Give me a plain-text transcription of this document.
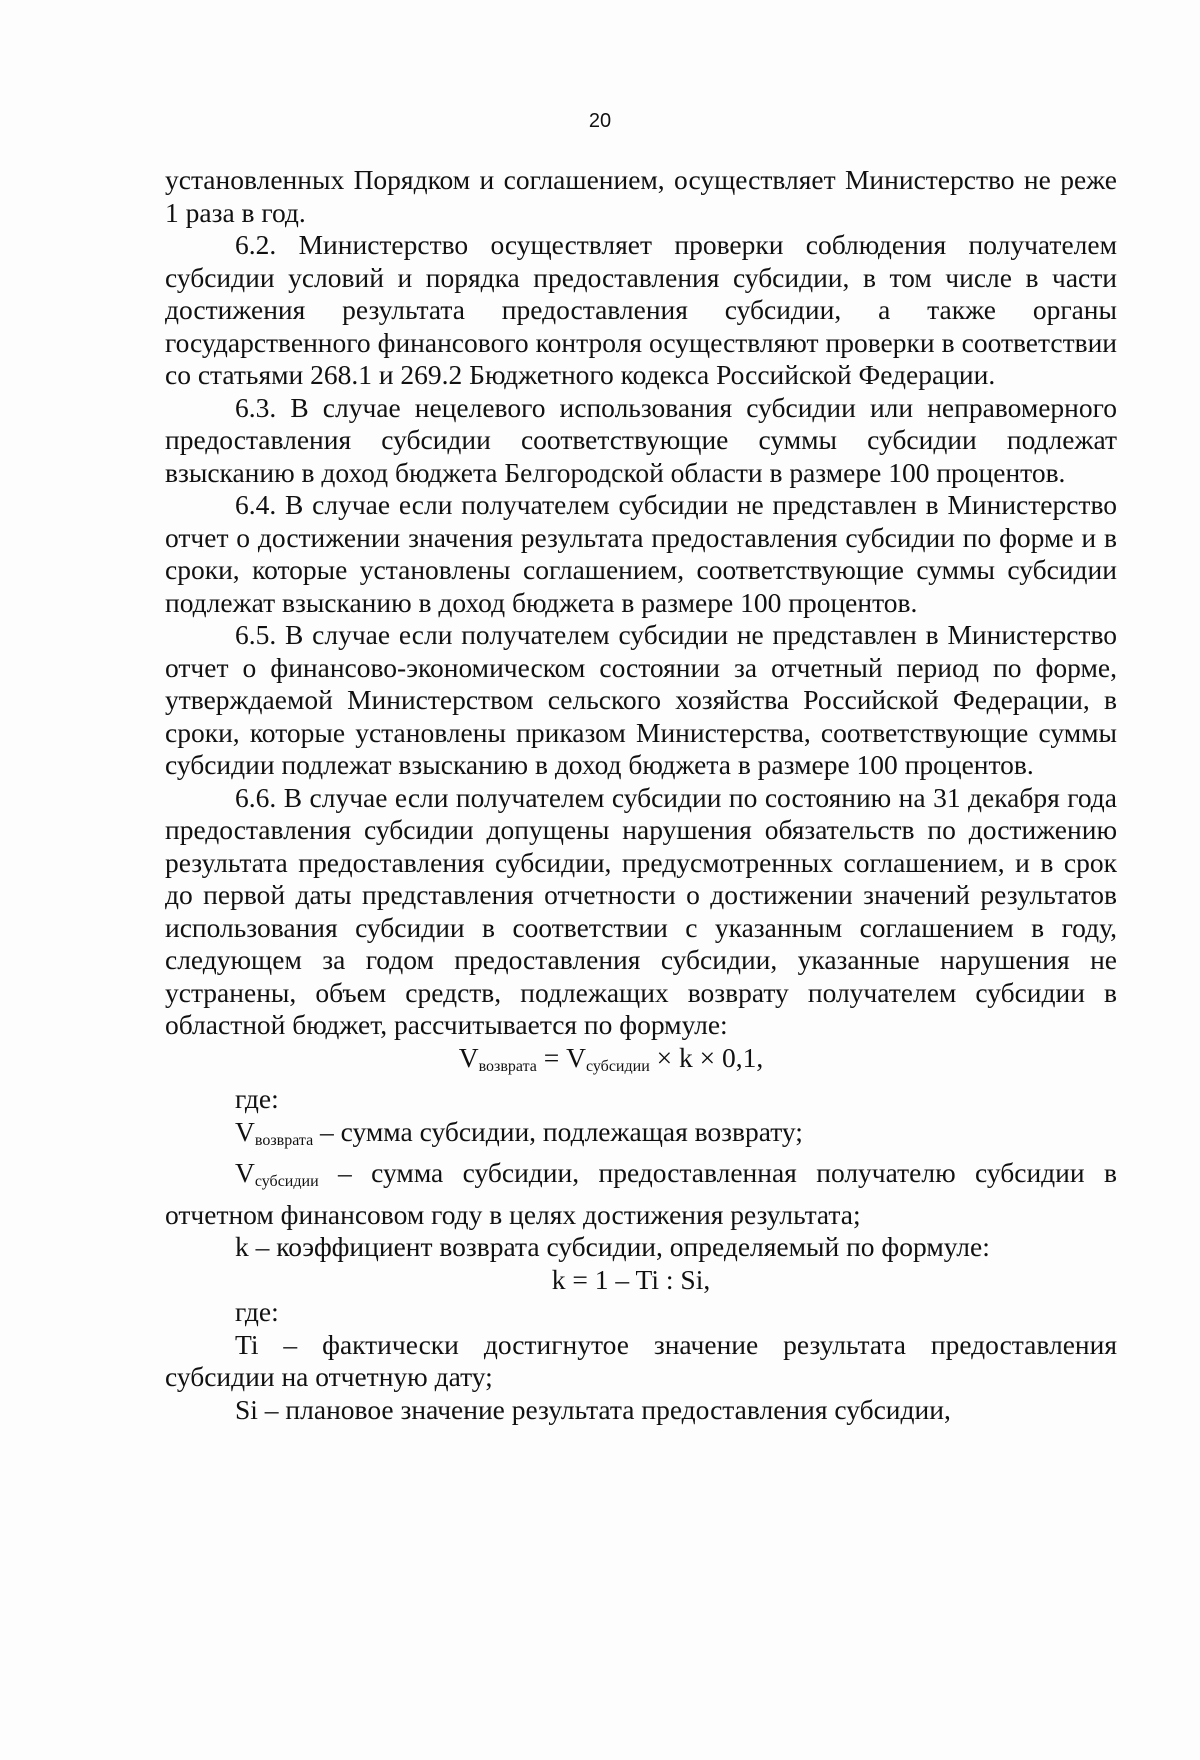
20

установленных Порядком и соглашением, осуществляет Министерство не реже 1 раза в год.

6.2. Министерство осуществляет проверки соблюдения получателем субсидии условий и порядка предоставления субсидии, в том числе в части достижения результата предоставления субсидии, а также органы государственного финансового контроля осуществляют проверки в соответствии со статьями 268.1 и 269.2 Бюджетного кодекса Российской Федерации.

6.3. В случае нецелевого использования субсидии или неправомерного предоставления субсидии соответствующие суммы субсидии подлежат взысканию в доход бюджета Белгородской области в размере 100 процентов.

6.4. В случае если получателем субсидии не представлен в Министерство отчет о достижении значения результата предоставления субсидии по форме и в сроки, которые установлены соглашением, соответствующие суммы субсидии подлежат взысканию в доход бюджета в размере 100 процентов.

6.5. В случае если получателем субсидии не представлен в Министерство отчет о финансово-экономическом состоянии за отчетный период по форме, утверждаемой Министерством сельского хозяйства Российской Федерации, в сроки, которые установлены приказом Министерства, соответствующие суммы субсидии подлежат взысканию в доход бюджета в размере 100 процентов.

6.6. В случае если получателем субсидии по состоянию на 31 декабря года предоставления субсидии допущены нарушения обязательств по достижению результата предоставления субсидии, предусмотренных соглашением, и в срок до первой даты представления отчетности о достижении значений результатов использования субсидии в соответствии с указанным соглашением в году, следующем за годом предоставления субсидии, указанные нарушения не устранены, объем средств, подлежащих возврату получателем субсидии в областной бюджет, рассчитывается по формуле:

$V_{возврата} = V_{субсидии} \times k \times 0,1$,

где:

$V_{возврата}$ – сумма субсидии, подлежащая возврату;

$V_{субсидии}$ – сумма субсидии, предоставленная получателю субсидии в отчетном финансовом году в целях достижения результата;

k – коэффициент возврата субсидии, определяемый по формуле:

k = 1 – Ti : Si,

где:

Ti – фактически достигнутое значение результата предоставления субсидии на отчетную дату;

Si – плановое значение результата предоставления субсидии,
